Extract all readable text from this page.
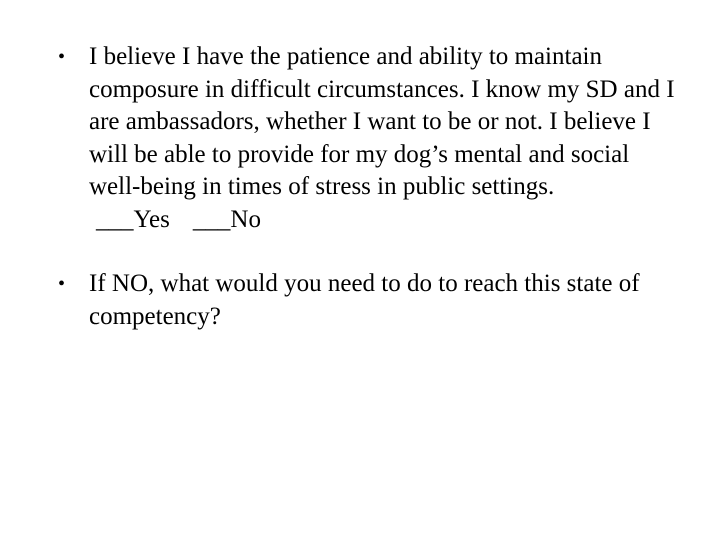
• I believe I have the patience and ability to maintain composure in difficult circumstances. I know my SD and I are ambassadors, whether I want to be or not. I believe I will be able to provide for my dog’s mental and social well-being in times of stress in public settings.
___Yes ___No
• If NO, what would you need to do to reach this state of competency?
